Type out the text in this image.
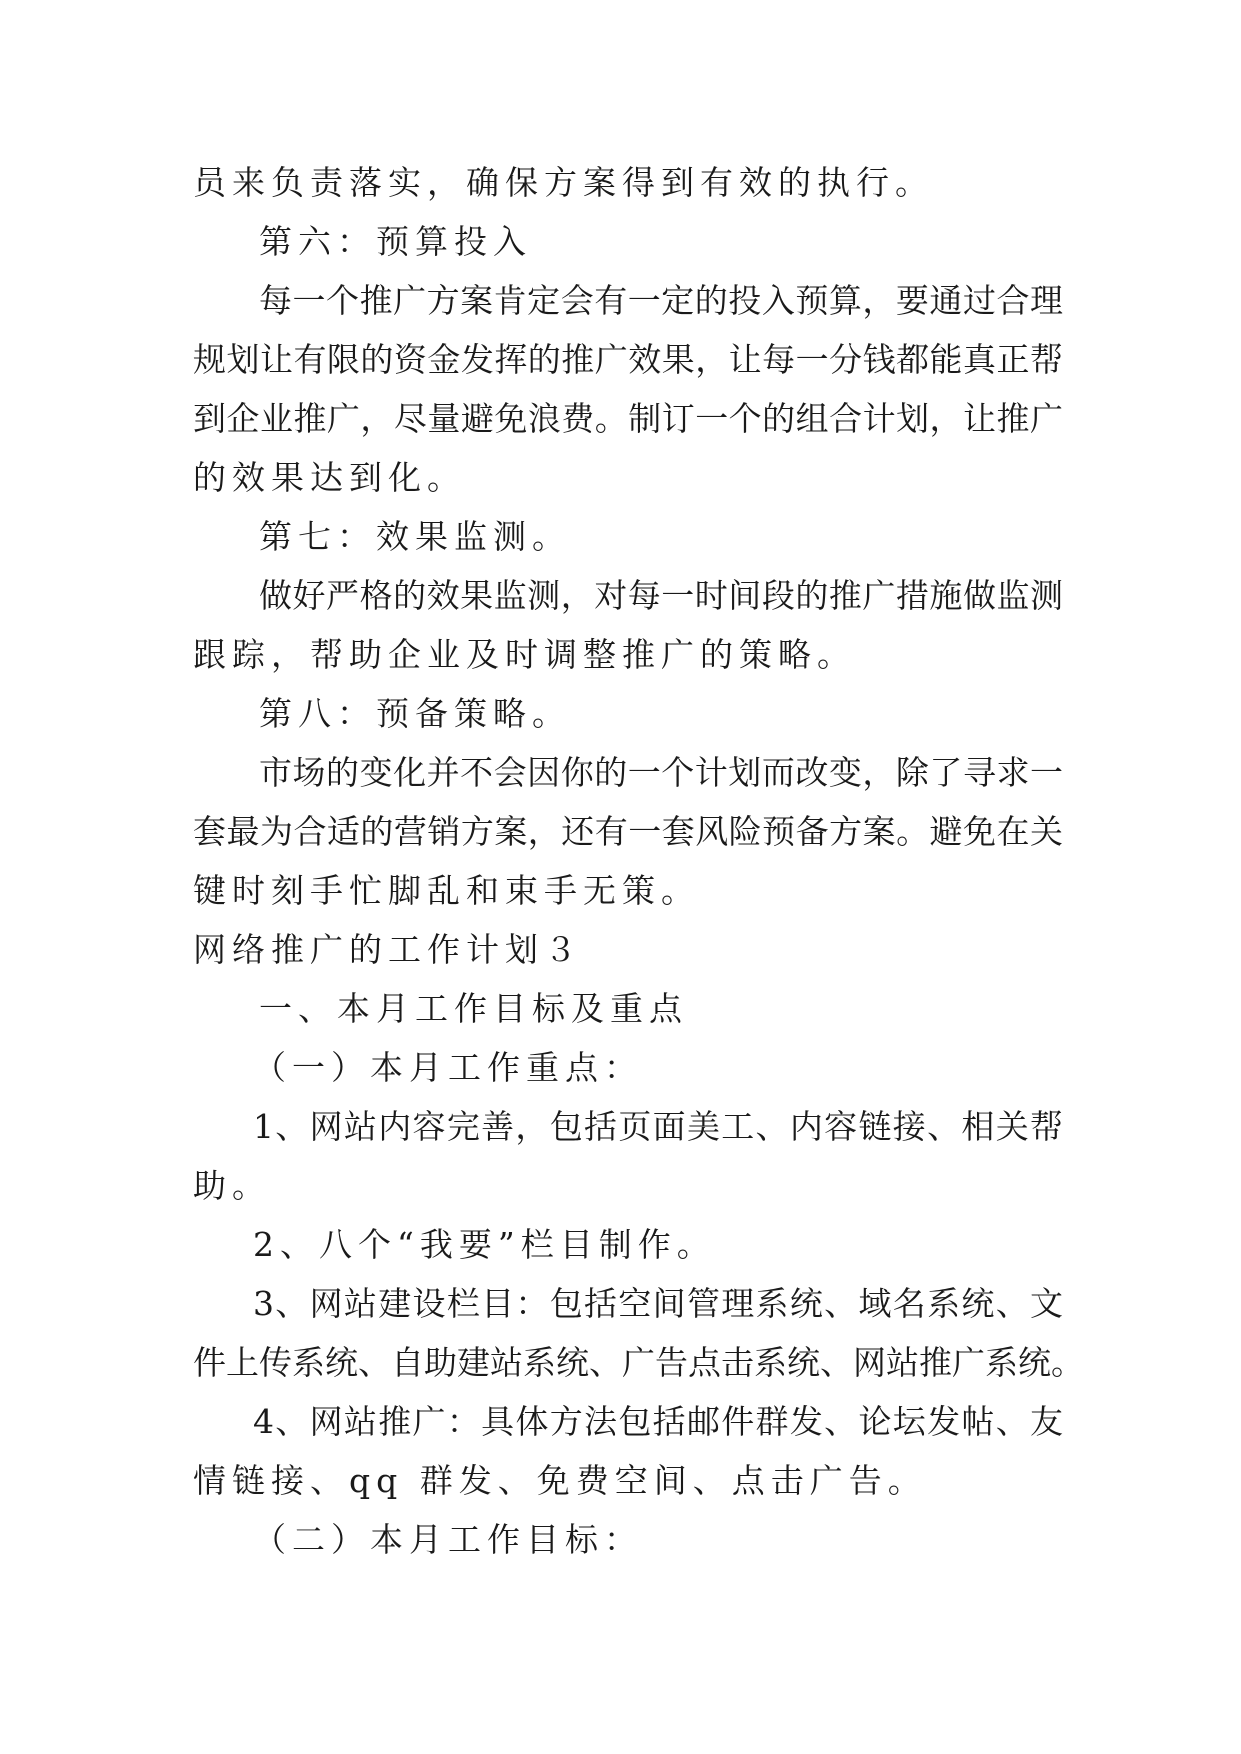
员来负责落实，确保方案得到有效的执行。
第六：预算投入
每一个推广方案肯定会有一定的投入预算，要通过合理
规划让有限的资金发挥的推广效果，让每一分钱都能真正帮
到企业推广，尽量避免浪费。制订一个的组合计划，让推广
的效果达到化。
第七：效果监测。
做好严格的效果监测，对每一时间段的推广措施做监测
跟踪，帮助企业及时调整推广的策略。
第八：预备策略。
市场的变化并不会因你的一个计划而改变，除了寻求一
套最为合适的营销方案，还有一套风险预备方案。避免在关
键时刻手忙脚乱和束手无策。
网络推广的工作计划３
一、本月工作目标及重点
（一）本月工作重点：
1、网站内容完善，包括页面美工、内容链接、相关帮
助。
2、八个“我要”栏目制作。
3、网站建设栏目：包括空间管理系统、域名系统、文
件上传系统、自助建站系统、广告点击系统、网站推广系统。
4、网站推广：具体方法包括邮件群发、论坛发帖、友
情链接、qq 群发、免费空间、点击广告。
（二）本月工作目标：
